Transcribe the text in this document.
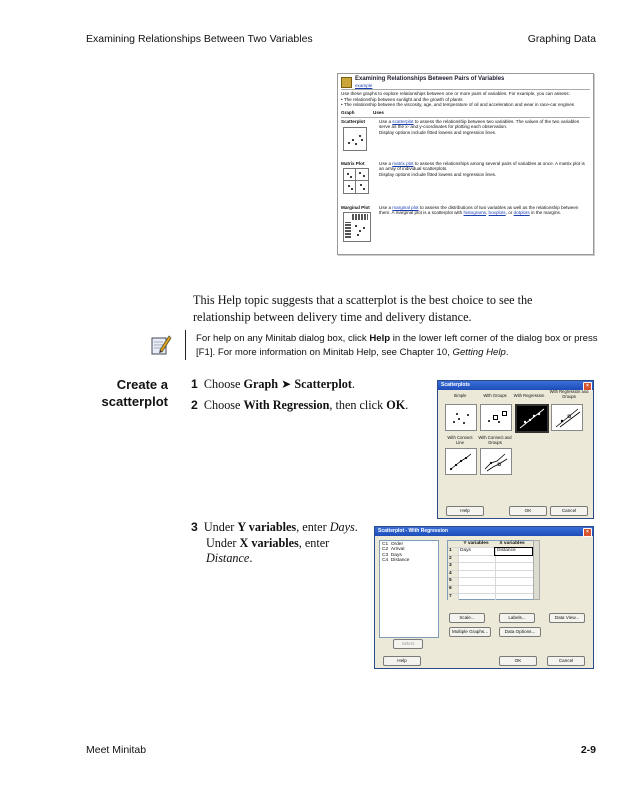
Examining Relationships Between Two Variables	Graphing Data
Examining Relationships Between Pairs of Variables
example
Use these graphs to explore relationships between one or more pairs of variables. For example, you can assess:
• The relationship between sunlight and the growth of plants
• The relationship between the viscosity, age, and temperature of oil and acceleration and wear in race-car engines
Graph	Uses
Scatterplot	Use a scatterplot to assess the relationship between two variables. The values of the two variables serve as the x- and y-coordinates for plotting each observation.
Display options include fitted lowess and regression lines.
Matrix Plot	Use a matrix plot to assess the relationships among several pairs of variables at once. A matrix plot is an array of individual scatterplots.
Display options include fitted lowess and regression lines.
Marginal Plot Use a marginal plot to assess the distributions of two variables as well as the relationship between them. A marginal plot is a scatterplot with histograms, boxplots, or dotplots in the margins.
This Help topic suggests that a scatterplot is the best choice to see the relationship between delivery time and delivery distance.
For help on any Minitab dialog box, click Help in the lower left corner of the dialog box or press [F1]. For more information on Minitab Help, see Chapter 10, Getting Help.
Create a
scatterplot
1 Choose Graph ➤ Scatterplot.
2 Choose With Regression, then click OK.
3 Under Y variables, enter Days.
Under X variables, enter
Distance.
Scatterplots	×
Simple	With Groups	With Regression
With Regression and Groups
With Connect Line
With Connect and Groups
Help	OK	Cancel
Scatterplot - With Regression	×
C1 Order
C2 Arrival
C3 Days
C4 Distance
Select
Y variables	X variables
1	Days	Distance
2
3
4
5
6
7
Scale...	Labels...	Data View...
Multiple Graphs...	Data Options...
Help	OK	Cancel
Meet Minitab	2-9
